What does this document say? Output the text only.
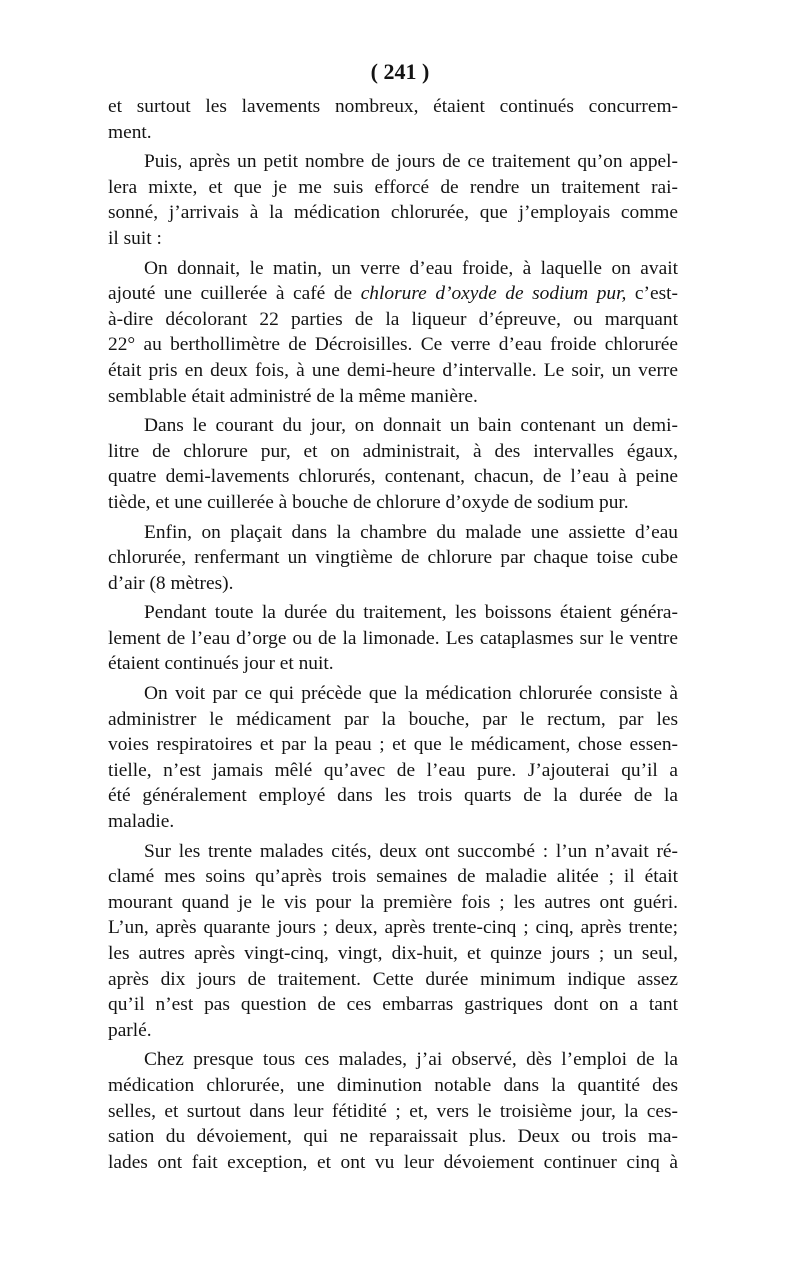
( 241 )
et surtout les lavements nombreux, étaient continués concurrem-
ment.
Puis, après un petit nombre de jours de ce traitement qu’on appel-
lera mixte, et que je me suis efforcé de rendre un traitement rai-
sonné, j’arrivais à la médication chlorurée, que j’employais comme
il suit :
On donnait, le matin, un verre d’eau froide, à laquelle on avait
ajouté une cuillerée à café de chlorure d’oxyde de sodium pur, c’est-
à-dire décolorant 22 parties de la liqueur d’épreuve, ou marquant
22° au berthollimètre de Décroisilles. Ce verre d’eau froide chlorurée
était pris en deux fois, à une demi-heure d’intervalle. Le soir, un verre
semblable était administré de la même manière.
Dans le courant du jour, on donnait un bain contenant un demi-
litre de chlorure pur, et on administrait, à des intervalles égaux,
quatre demi-lavements chlorurés, contenant, chacun, de l’eau à peine
tiède, et une cuillerée à bouche de chlorure d’oxyde de sodium pur.
Enfin, on plaçait dans la chambre du malade une assiette d’eau
chlorurée, renfermant un vingtième de chlorure par chaque toise cube
d’air (8 mètres).
Pendant toute la durée du traitement, les boissons étaient généra-
lement de l’eau d’orge ou de la limonade. Les cataplasmes sur le ventre
étaient continués jour et nuit.
On voit par ce qui précède que la médication chlorurée consiste à
administrer le médicament par la bouche, par le rectum, par les
voies respiratoires et par la peau ; et que le médicament, chose essen-
tielle, n’est jamais mêlé qu’avec de l’eau pure. J’ajouterai qu’il a
été généralement employé dans les trois quarts de la durée de la
maladie.
Sur les trente malades cités, deux ont succombé : l’un n’avait ré-
clamé mes soins qu’après trois semaines de maladie alitée ; il était
mourant quand je le vis pour la première fois ; les autres ont guéri.
L’un, après quarante jours ; deux, après trente-cinq ; cinq, après trente;
les autres après vingt-cinq, vingt, dix-huit, et quinze jours ; un seul,
après dix jours de traitement. Cette durée minimum indique assez
qu’il n’est pas question de ces embarras gastriques dont on a tant
parlé.
Chez presque tous ces malades, j’ai observé, dès l’emploi de la
médication chlorurée, une diminution notable dans la quantité des
selles, et surtout dans leur fétidité ; et, vers le troisième jour, la ces-
sation du dévoiement, qui ne reparaissait plus. Deux ou trois ma-
lades ont fait exception, et ont vu leur dévoiement continuer cinq à
